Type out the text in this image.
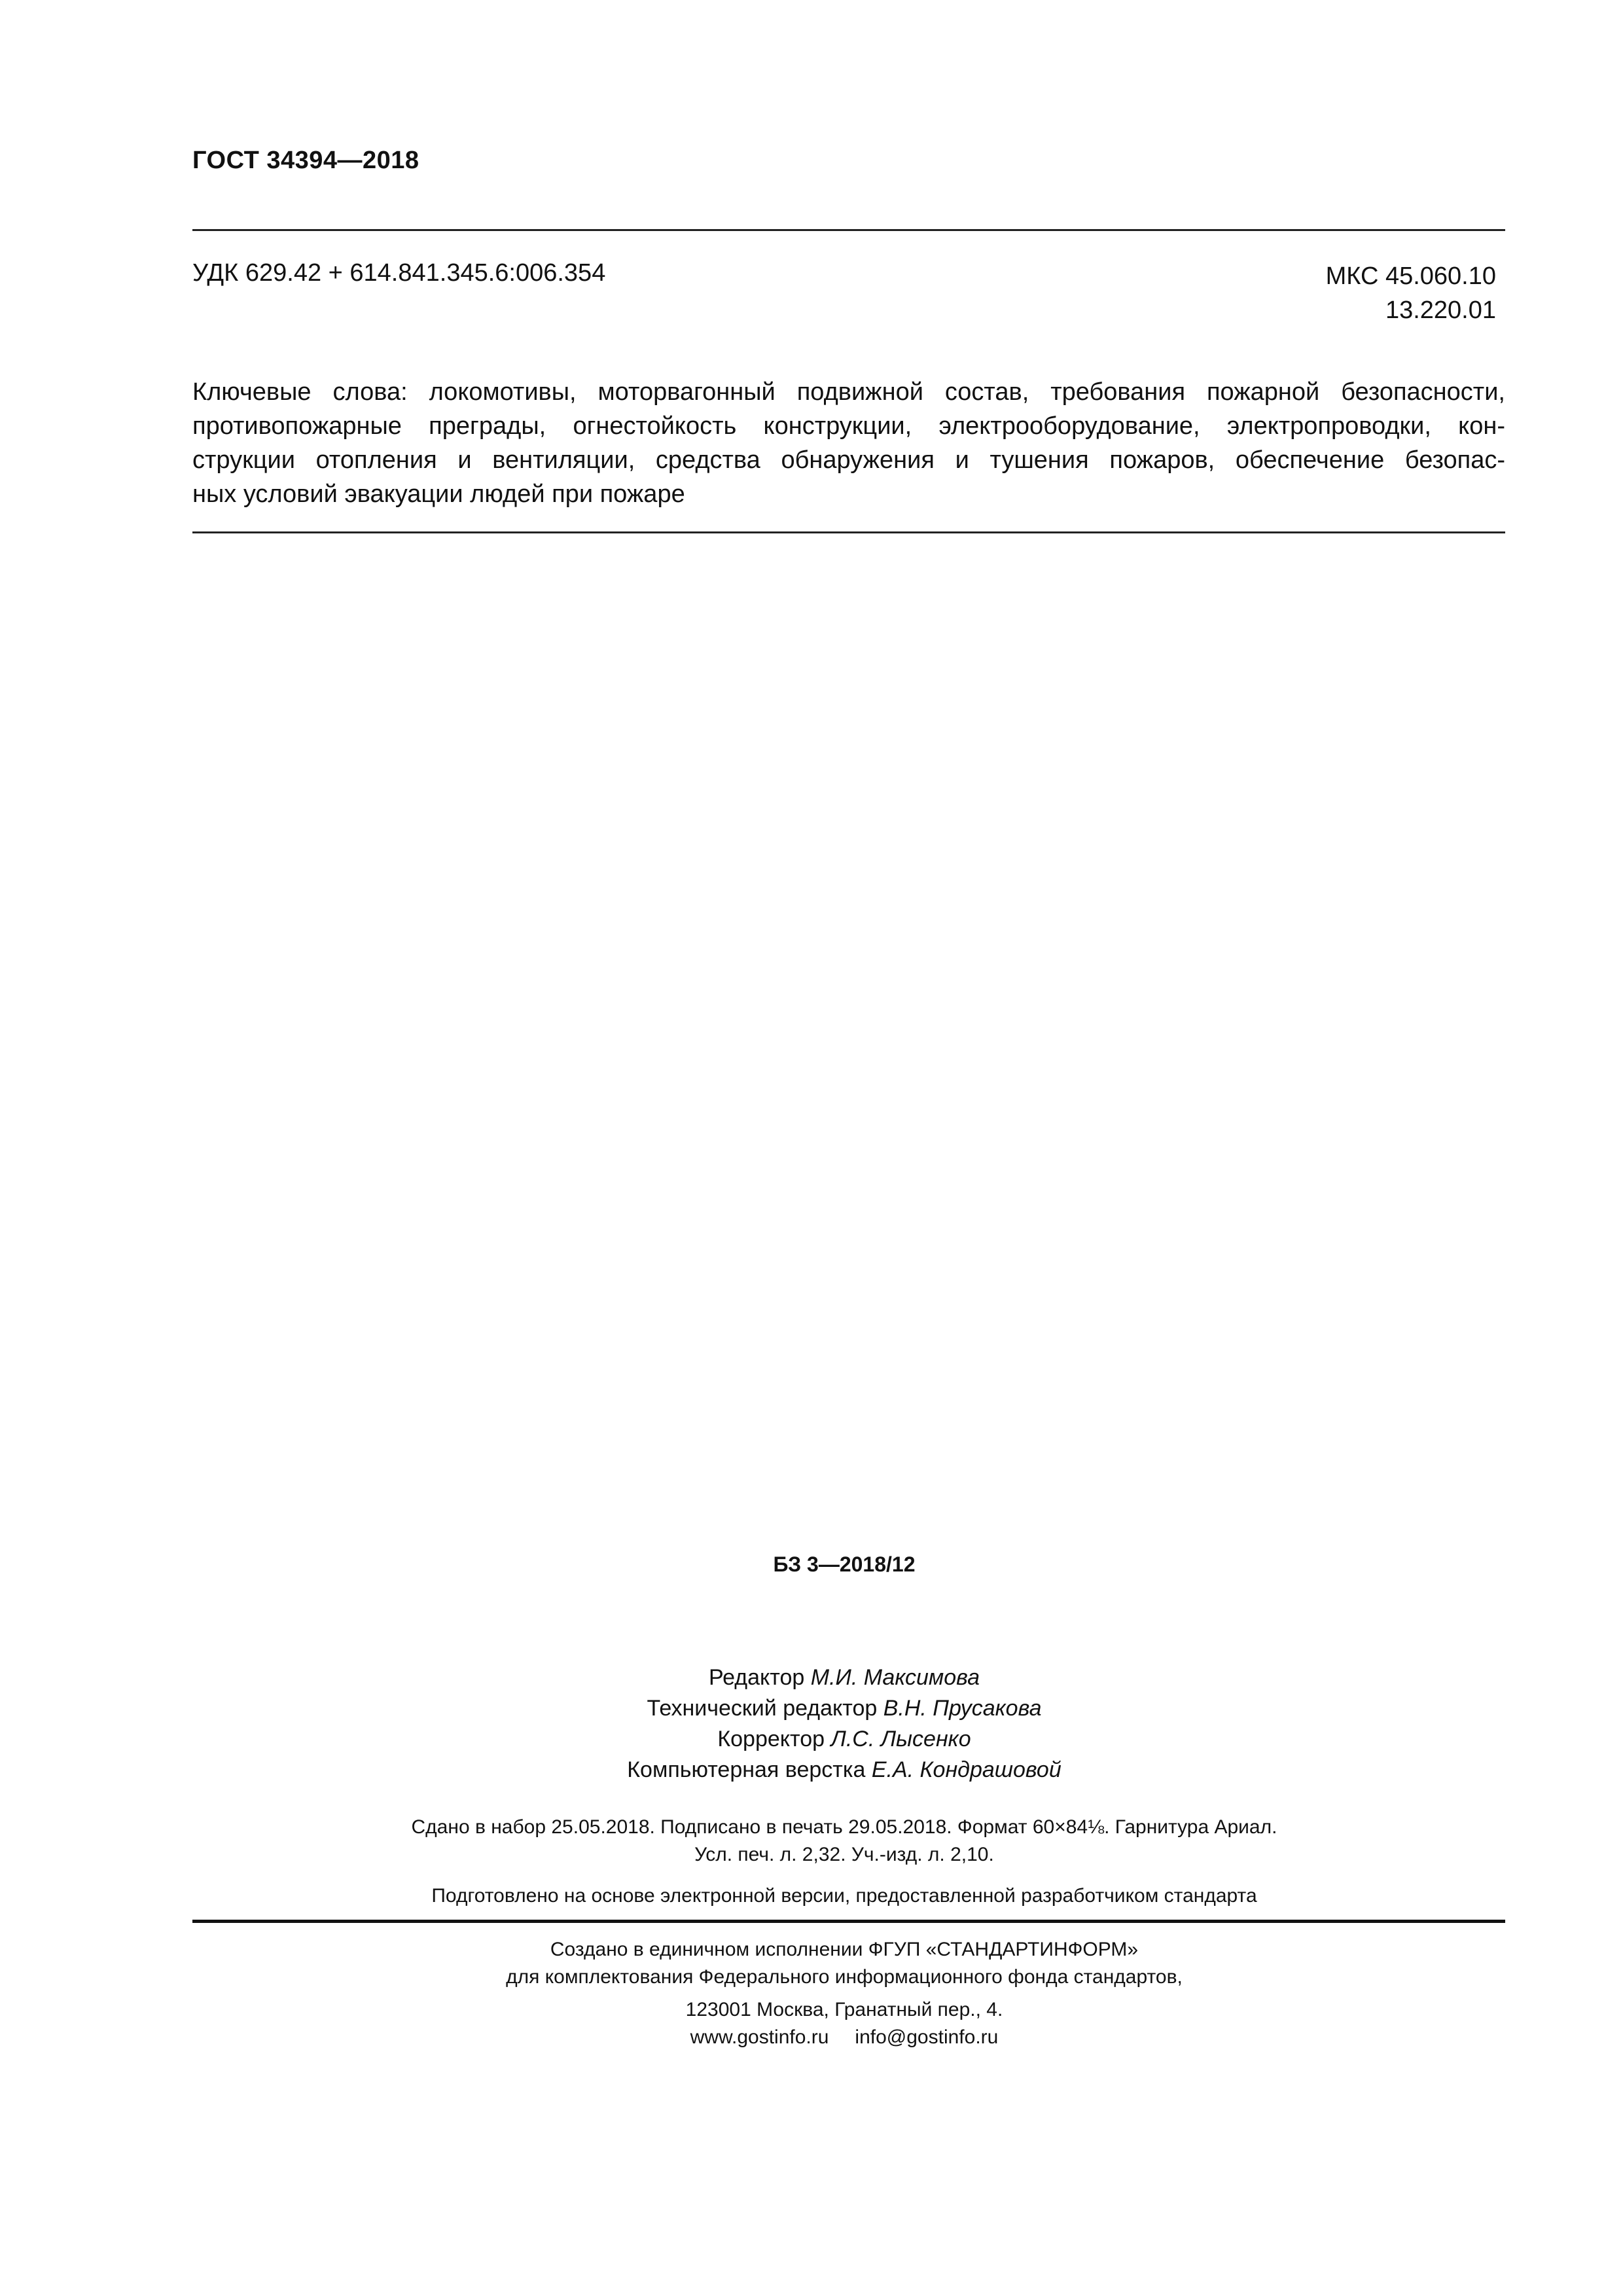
ГОСТ 34394—2018
УДК 629.42 + 614.841.345.6:006.354	МКС 45.060.10
13.220.01
Ключевые слова: локомотивы, моторвагонный подвижной состав, требования пожарной безопасности,
противопожарные преграды, огнестойкость конструкции, электрооборудование, электропроводки, кон-
струкции отопления и вентиляции, средства обнаружения и тушения пожаров, обеспечение безопас-
ных условий эвакуации людей при пожаре
БЗ 3—2018/12
Редактор М.И. Максимова
Технический редактор В.Н. Прусакова
Корректор Л.С. Лысенко
Компьютерная верстка Е.А. Кондрашовой
Сдано в набор 25.05.2018. Подписано в печать 29.05.2018. Формат 60×84⅛. Гарнитура Ариал.
Усл. печ. л. 2,32. Уч.-изд. л. 2,10.
Подготовлено на основе электронной версии, предоставленной разработчиком стандарта
Создано в единичном исполнении ФГУП «СТАНДАРТИНФОРМ»
для комплектования Федерального информационного фонда стандартов,
123001 Москва, Гранатный пер., 4.
www.gostinfo.ru info@gostinfo.ru
